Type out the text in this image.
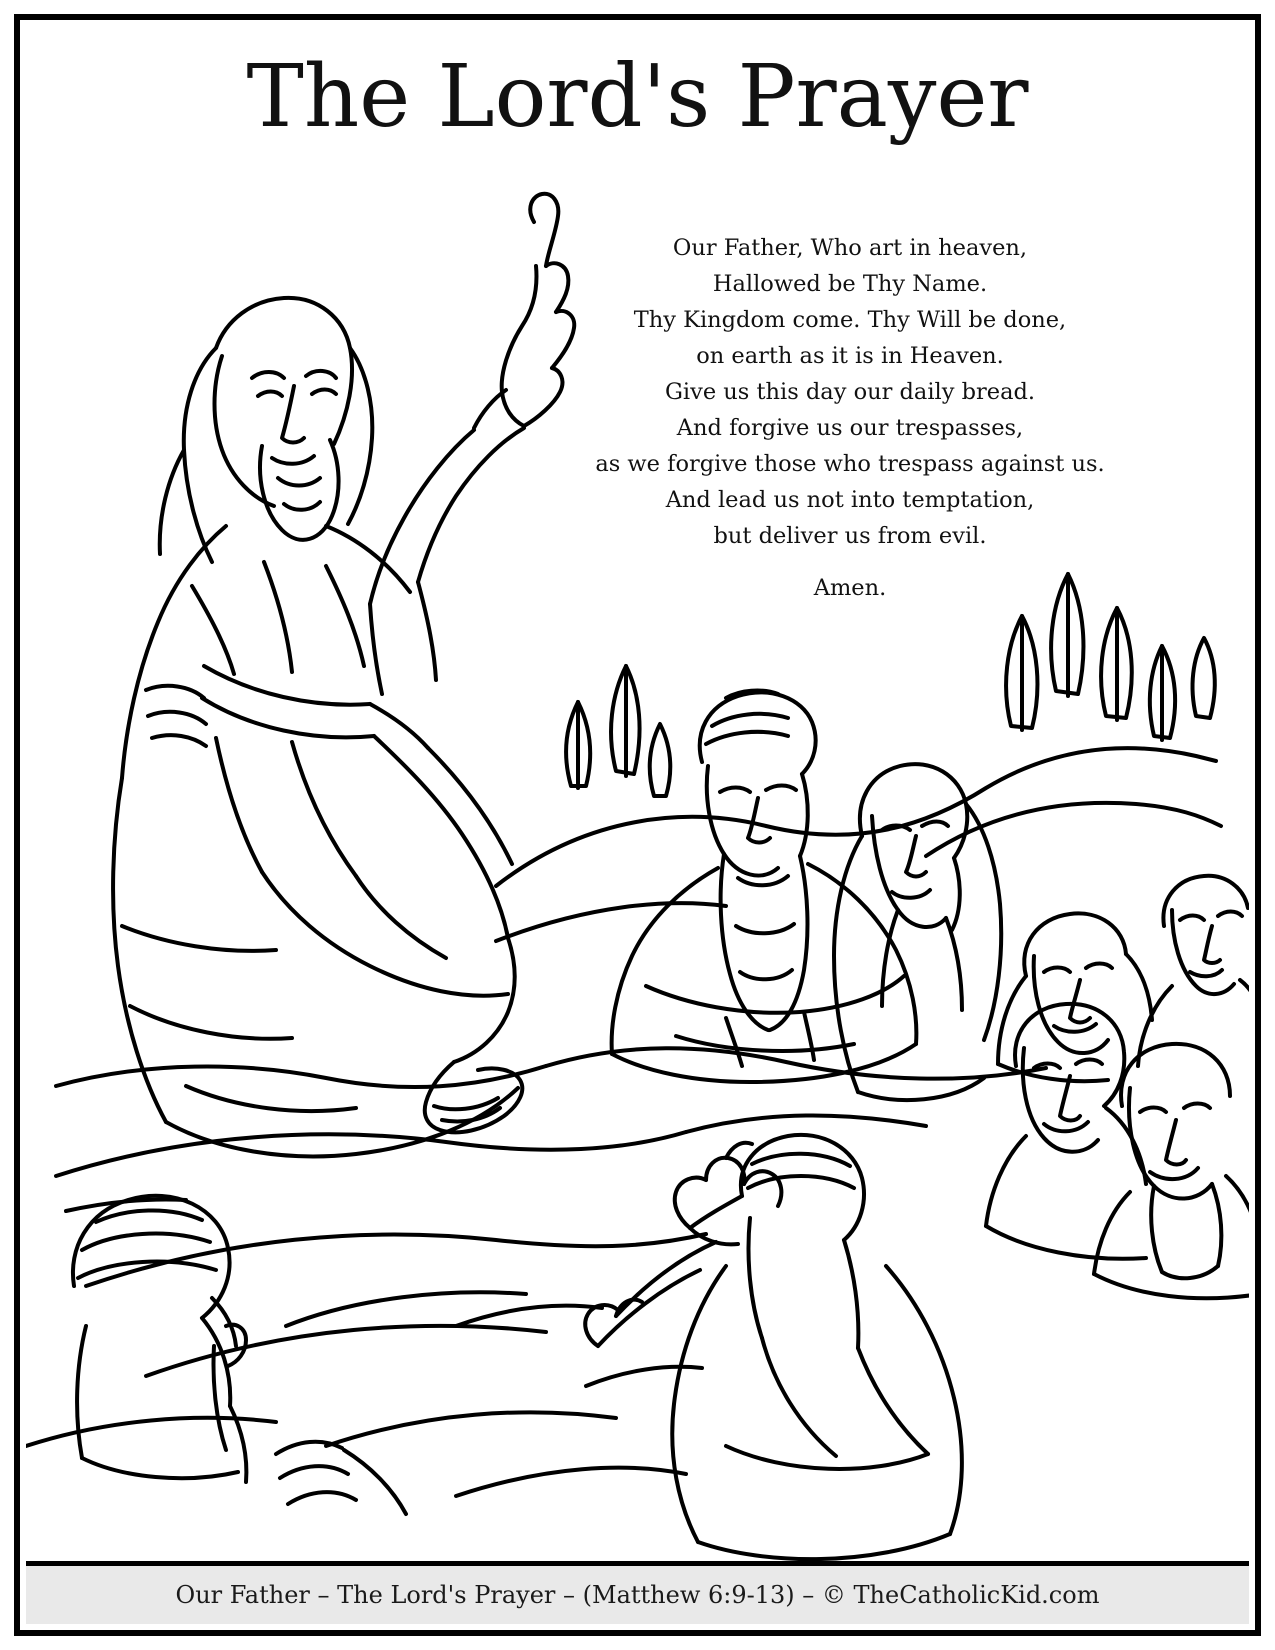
The Lord's Prayer
Our Father, Who art in heaven,
Hallowed be Thy Name.
Thy Kingdom come. Thy Will be done,
on earth as it is in Heaven.
Give us this day our daily bread.
And forgive us our trespasses,
as we forgive those who trespass against us.
And lead us not into temptation,
but deliver us from evil.
Amen.
Our Father – The Lord's Prayer – (Matthew 6:9-13) – © TheCatholicKid.com
